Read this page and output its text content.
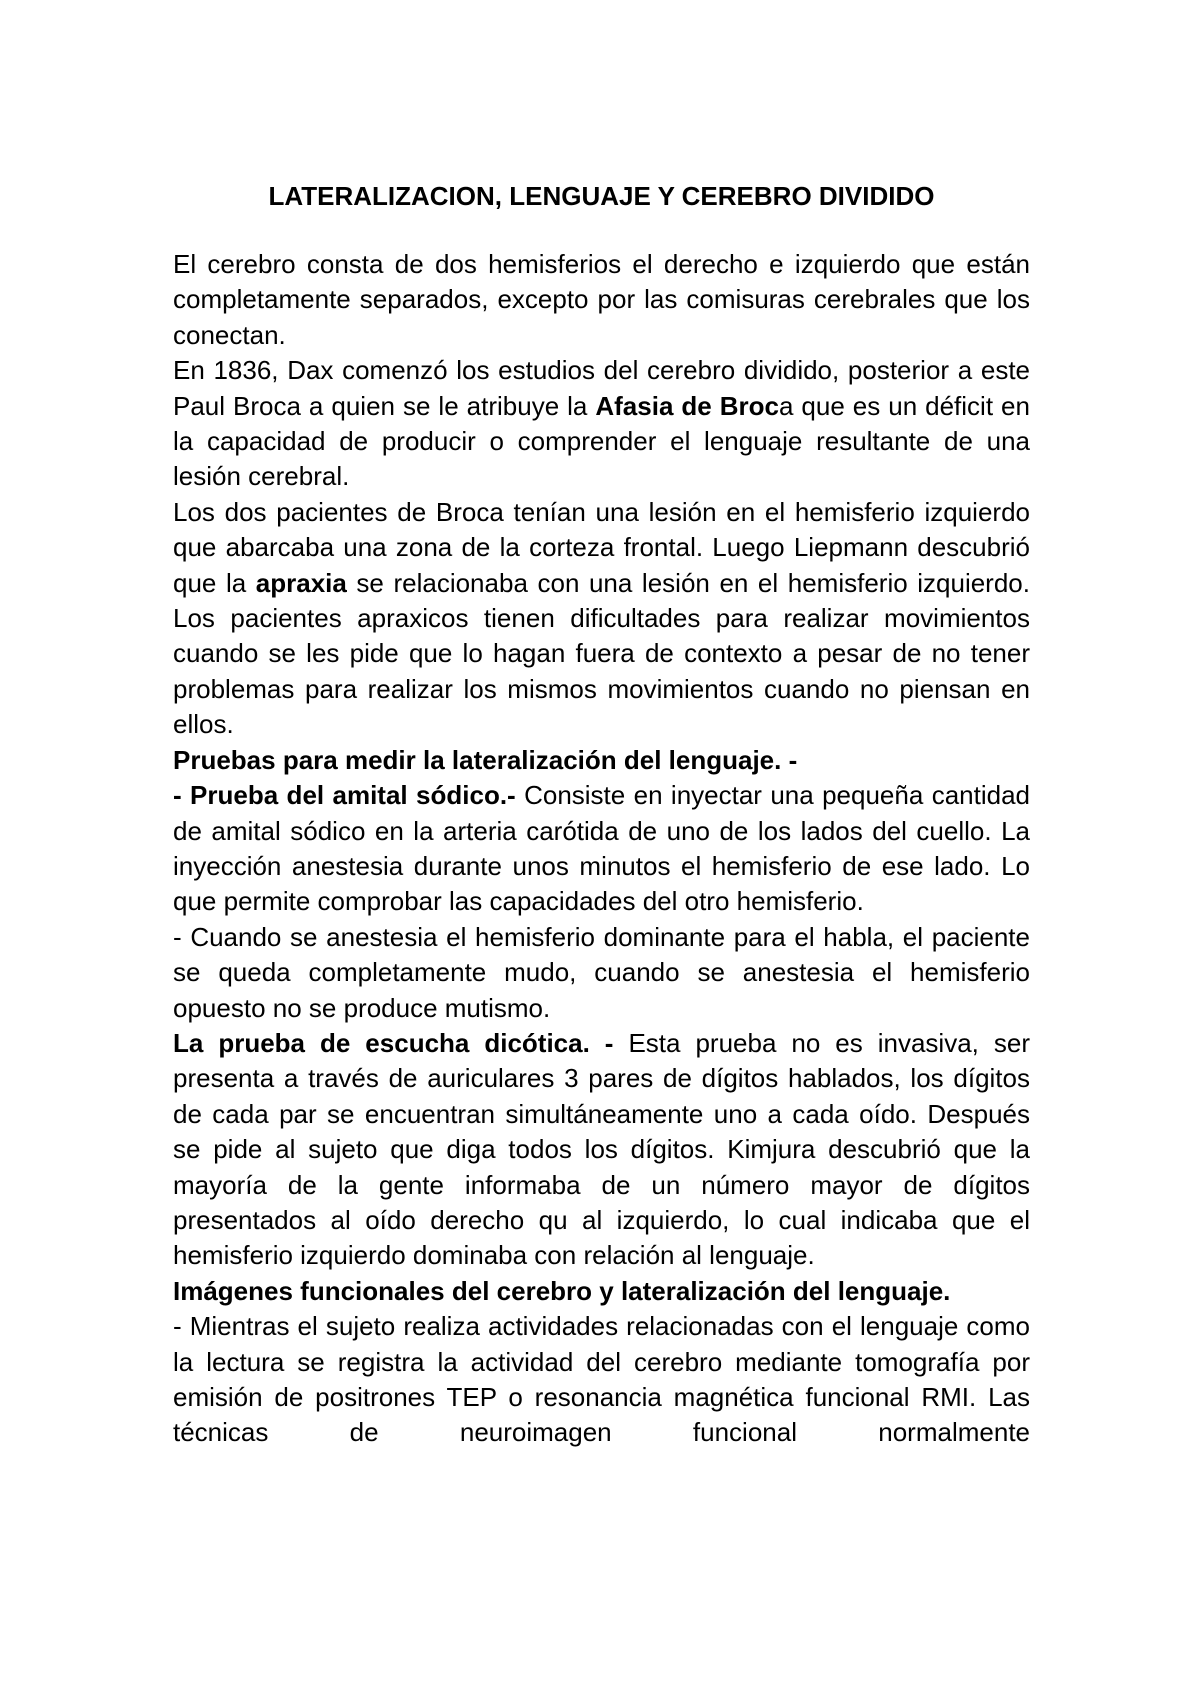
LATERALIZACION, LENGUAJE Y CEREBRO DIVIDIDO

El cerebro consta de dos hemisferios el derecho e izquierdo que están completamente separados, excepto por las comisuras cerebrales que los conectan.

En 1836, Dax comenzó los estudios del cerebro dividido, posterior a este Paul Broca a quien se le atribuye la Afasia de Broca que es un déficit en la capacidad de producir o comprender el lenguaje resultante de una lesión cerebral.

Los dos pacientes de Broca tenían una lesión en el hemisferio izquierdo que abarcaba una zona de la corteza frontal. Luego Liepmann descubrió que la apraxia se relacionaba con una lesión en el hemisferio izquierdo. Los pacientes apraxicos tienen dificultades para realizar movimientos cuando se les pide que lo hagan fuera de contexto a pesar de no tener problemas para realizar los mismos movimientos cuando no piensan en ellos.

Pruebas para medir la lateralización del lenguaje. -

- Prueba del amital sódico.- Consiste en inyectar una pequeña cantidad de amital sódico en la arteria carótida de uno de los lados del cuello. La inyección anestesia durante unos minutos el hemisferio de ese lado. Lo que permite comprobar las capacidades del otro hemisferio.

- Cuando se anestesia el hemisferio dominante para el habla, el paciente se queda completamente mudo, cuando se anestesia el hemisferio opuesto no se produce mutismo.

La prueba de escucha dicótica. - Esta prueba no es invasiva, ser presenta a través de auriculares 3 pares de dígitos hablados, los dígitos de cada par se encuentran simultáneamente uno a cada oído. Después se pide al sujeto que diga todos los dígitos. Kimjura descubrió que la mayoría de la gente informaba de un número mayor de dígitos presentados al oído derecho qu al izquierdo, lo cual indicaba que el hemisferio izquierdo dominaba con relación al lenguaje.

Imágenes funcionales del cerebro y lateralización del lenguaje.

- Mientras el sujeto realiza actividades relacionadas con el lenguaje como la lectura se registra la actividad del cerebro mediante tomografía por emisión de positrones TEP o resonancia magnética funcional RMI. Las técnicas de neuroimagen funcional normalmente
